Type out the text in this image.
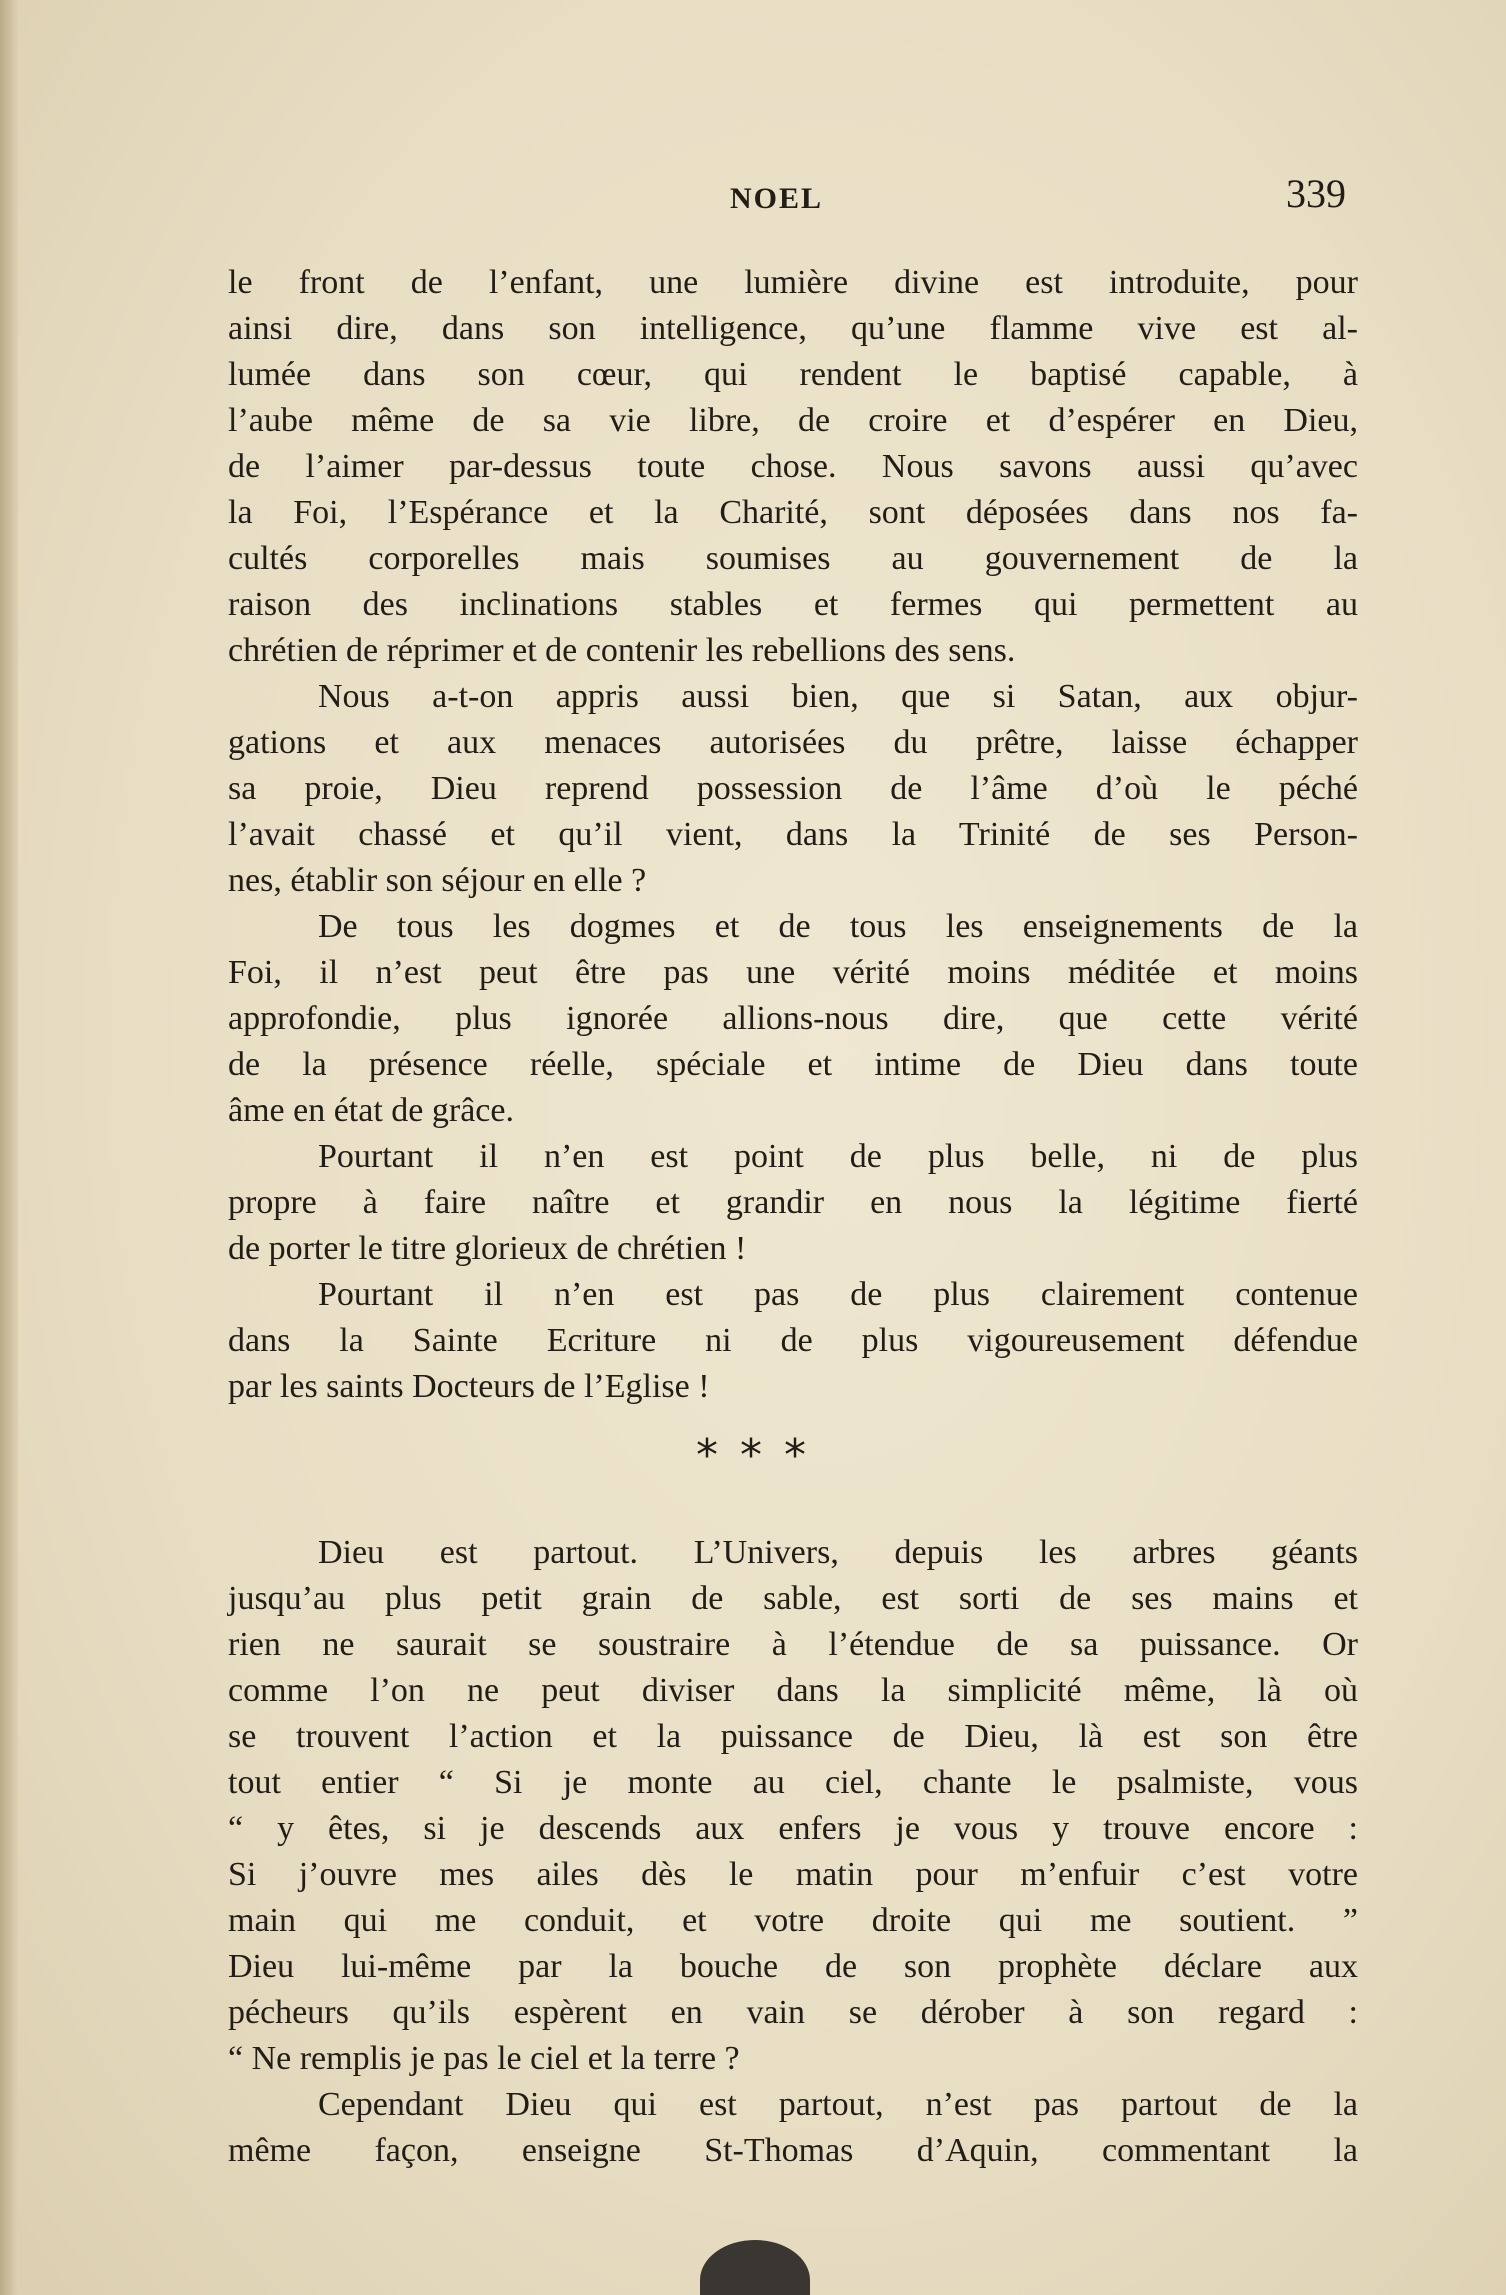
NOEL	339
le front de l’enfant, une lumière divine est introduite, pour
ainsi dire, dans son intelligence, qu’une flamme vive est al-
lumée dans son cœur, qui rendent le baptisé capable, à
l’aube même de sa vie libre, de croire et d’espérer en Dieu,
de l’aimer par-dessus toute chose. Nous savons aussi qu’avec
la Foi, l’Espérance et la Charité, sont déposées dans nos fa-
cultés corporelles mais soumises au gouvernement de la
raison des inclinations stables et fermes qui permettent au
chrétien de réprimer et de contenir les rebellions des sens.
Nous a-t-on appris aussi bien, que si Satan, aux objur-
gations et aux menaces autorisées du prêtre, laisse échapper
sa proie, Dieu reprend possession de l’âme d’où le péché
l’avait chassé et qu’il vient, dans la Trinité de ses Person-
nes, établir son séjour en elle ?
De tous les dogmes et de tous les enseignements de la
Foi, il n’est peut être pas une vérité moins méditée et moins
approfondie, plus ignorée allions-nous dire, que cette vérité
de la présence réelle, spéciale et intime de Dieu dans toute
âme en état de grâce.
Pourtant il n’en est point de plus belle, ni de plus
propre à faire naître et grandir en nous la légitime fierté
de porter le titre glorieux de chrétien !
Pourtant il n’en est pas de plus clairement contenue
dans la Sainte Ecriture ni de plus vigoureusement défendue
par les saints Docteurs de l’Eglise !
* * *
Dieu est partout. L’Univers, depuis les arbres géants
jusqu’au plus petit grain de sable, est sorti de ses mains et
rien ne saurait se soustraire à l’étendue de sa puissance. Or
comme l’on ne peut diviser dans la simplicité même, là où
se trouvent l’action et la puissance de Dieu, là est son être
tout entier “ Si je monte au ciel, chante le psalmiste, vous
“ y êtes, si je descends aux enfers je vous y trouve encore :
Si j’ouvre mes ailes dès le matin pour m’enfuir c’est votre
main qui me conduit, et votre droite qui me soutient. ”
Dieu lui-même par la bouche de son prophète déclare aux
pécheurs qu’ils espèrent en vain se dérober à son regard :
“ Ne remplis je pas le ciel et la terre ?
Cependant Dieu qui est partout, n’est pas partout de la
même façon, enseigne St-Thomas d’Aquin, commentant la
